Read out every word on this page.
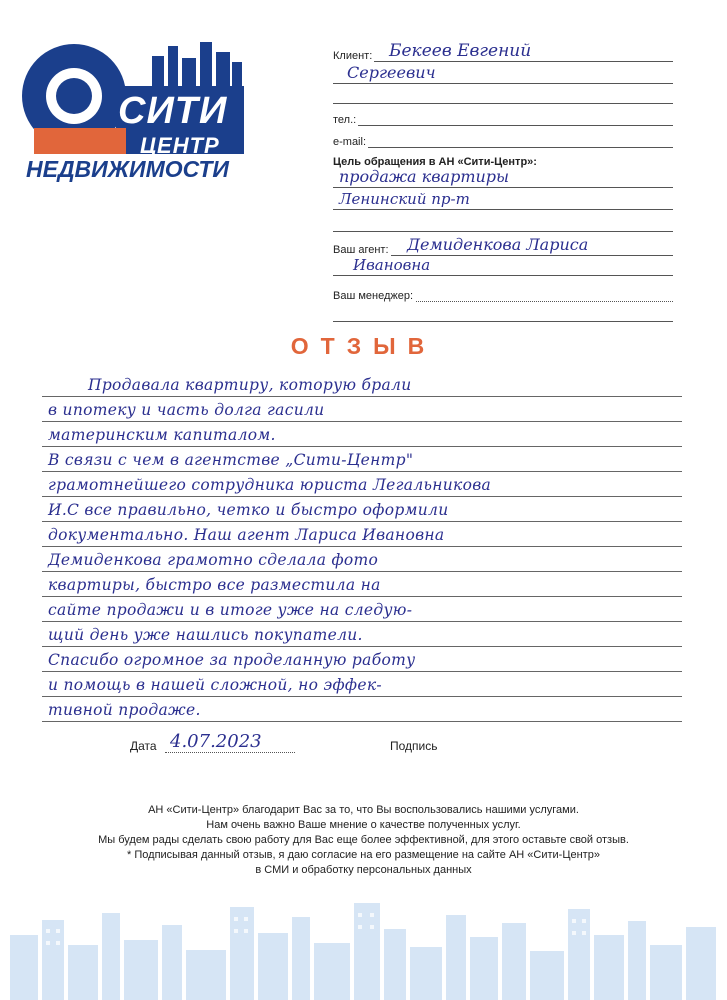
СИТИ
ЦЕНТР
НЕДВИЖИМОСТИ
Клиент: Бекеев Евгений
Сергеевич
тел.:
e-mail:
Цель обращения в АН «Сити-Центр»:
продажа квартиры
Ленинский пр-т
Ваш агент: Демиденкова Лариса
Ивановна
Ваш менеджер:
ОТЗЫВ
Продавала квартиру, которую брали
в ипотеку и часть долга гасили
материнским капиталом.
В связи с чем в агентстве „Сити-Центр"
грамотнейшего сотрудника юриста Легальникова
И.С все правильно, четко и быстро оформили
документально. Наш агент Лариса Ивановна
Демиденкова грамотно сделала фото
квартиры, быстро все разместила на
сайте продажи и в итоге уже на следую-
щий день уже нашлись покупатели.
Спасибо огромное за проделанную работу
и помощь в нашей сложной, но эффек-
тивной продаже.
Дата 4.07.2023	Подпись
АН «Сити-Центр» благодарит Вас за то, что Вы воспользовались нашими услугами.
Нам очень важно Ваше мнение о качестве полученных услуг.
Мы будем рады сделать свою работу для Вас еще более эффективной, для этого оставьте свой отзыв.
* Подписывая данный отзыв, я даю согласие на его размещение на сайте АН «Сити-Центр»
в СМИ и обработку персональных данных
